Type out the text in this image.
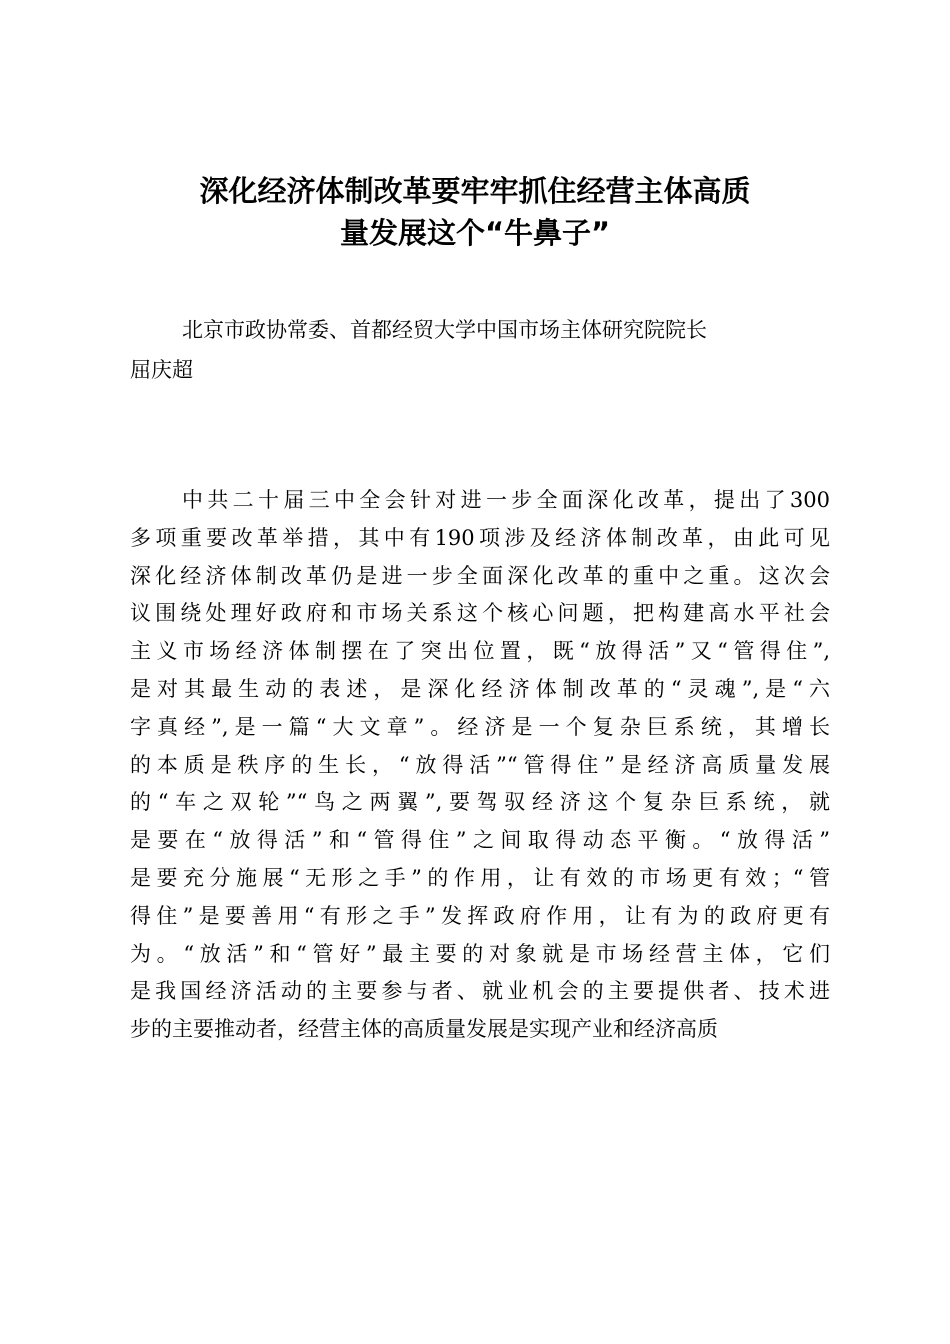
深化经济体制改革要牢牢抓住经营主体高质
量发展这个“牛鼻子”

北京市政协常委、首都经贸大学中国市场主体研究院院长
屈庆超

中共二十届三中全会针对进一步全面深化改革，提出了300
多项重要改革举措，其中有190项涉及经济体制改革，由此可见
深化经济体制改革仍是进一步全面深化改革的重中之重。这次会
议围绕处理好政府和市场关系这个核心问题，把构建高水平社会
主义市场经济体制摆在了突出位置，既“放得活”又“管得住”,
是对其最生动的表述，是深化经济体制改革的“灵魂”,是“六
字真经”,是一篇“大文章”。经济是一个复杂巨系统，其增长
的本质是秩序的生长，“放得活”“管得住”是经济高质量发展
的“车之双轮”“鸟之两翼”,要驾驭经济这个复杂巨系统，就
是要在“放得活”和“管得住”之间取得动态平衡。“放得活”
是要充分施展“无形之手”的作用，让有效的市场更有效；“管
得住”是要善用“有形之手”发挥政府作用，让有为的政府更有
为。“放活”和“管好”最主要的对象就是市场经营主体，它们
是我国经济活动的主要参与者、就业机会的主要提供者、技术进
步的主要推动者，经营主体的高质量发展是实现产业和经济高质
